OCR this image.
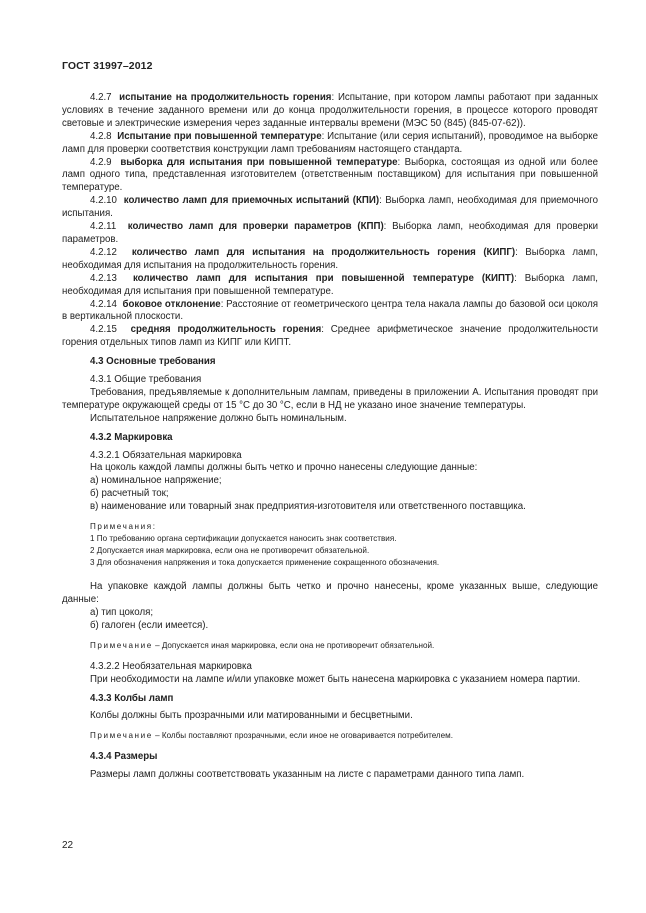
ГОСТ 31997–2012

4.2.7 испытание на продолжительность горения: Испытание, при котором лампы работают при заданных условиях в течение заданного времени или до конца продолжительности горения, в процессе которого проводят световые и электрические измерения через заданные интервалы времени (МЭС 50 (845) (845-07-62)).

4.2.8 Испытание при повышенной температуре: Испытание (или серия испытаний), проводимое на выборке ламп для проверки соответствия конструкции ламп требованиям настоящего стандарта.

4.2.9 выборка для испытания при повышенной температуре: Выборка, состоящая из одной или более ламп одного типа, представленная изготовителем (ответственным поставщиком) для испытания при повышенной температуре.

4.2.10 количество ламп для приемочных испытаний (КПИ): Выборка ламп, необходимая для приемочного испытания.

4.2.11 количество ламп для проверки параметров (КПП): Выборка ламп, необходимая для проверки параметров.

4.2.12 количество ламп для испытания на продолжительность горения (КИПГ): Выборка ламп, необходимая для испытания на продолжительность горения.

4.2.13 количество ламп для испытания при повышенной температуре (КИПТ): Выборка ламп, необходимая для испытания при повышенной температуре.

4.2.14 боковое отклонение: Расстояние от геометрического центра тела накала лампы до базовой оси цоколя в вертикальной плоскости.

4.2.15 средняя продолжительность горения: Среднее арифметическое значение продолжительности горения отдельных типов ламп из КИПГ или КИПТ.

4.3 Основные требования

4.3.1 Общие требования

Требования, предъявляемые к дополнительным лампам, приведены в приложении А. Испытания проводят при температуре окружающей среды от 15 °С до 30 °С, если в НД не указано иное значение температуры.

Испытательное напряжение должно быть номинальным.

4.3.2 Маркировка

4.3.2.1 Обязательная маркировка

На цоколь каждой лампы должны быть четко и прочно нанесены следующие данные:

а) номинальное напряжение;

б) расчетный ток;

в) наименование или товарный знак предприятия-изготовителя или ответственного поставщика.

Примечания:

1 По требованию органа сертификации допускается наносить знак соответствия.

2 Допускается иная маркировка, если она не противоречит обязательной.

3 Для обозначения напряжения и тока допускается применение сокращенного обозначения.

На упаковке каждой лампы должны быть четко и прочно нанесены, кроме указанных выше, следующие данные:

а) тип цоколя;

б) галоген (если имеется).

Примечание – Допускается иная маркировка, если она не противоречит обязательной.

4.3.2.2 Необязательная маркировка

При необходимости на лампе и/или упаковке может быть нанесена маркировка с указанием номера партии.

4.3.3 Колбы ламп

Колбы должны быть прозрачными или матированными и бесцветными.

Примечание – Колбы поставляют прозрачными, если иное не оговаривается потребителем.

4.3.4 Размеры

Размеры ламп должны соответствовать указанным на листе с параметрами данного типа ламп.

22
